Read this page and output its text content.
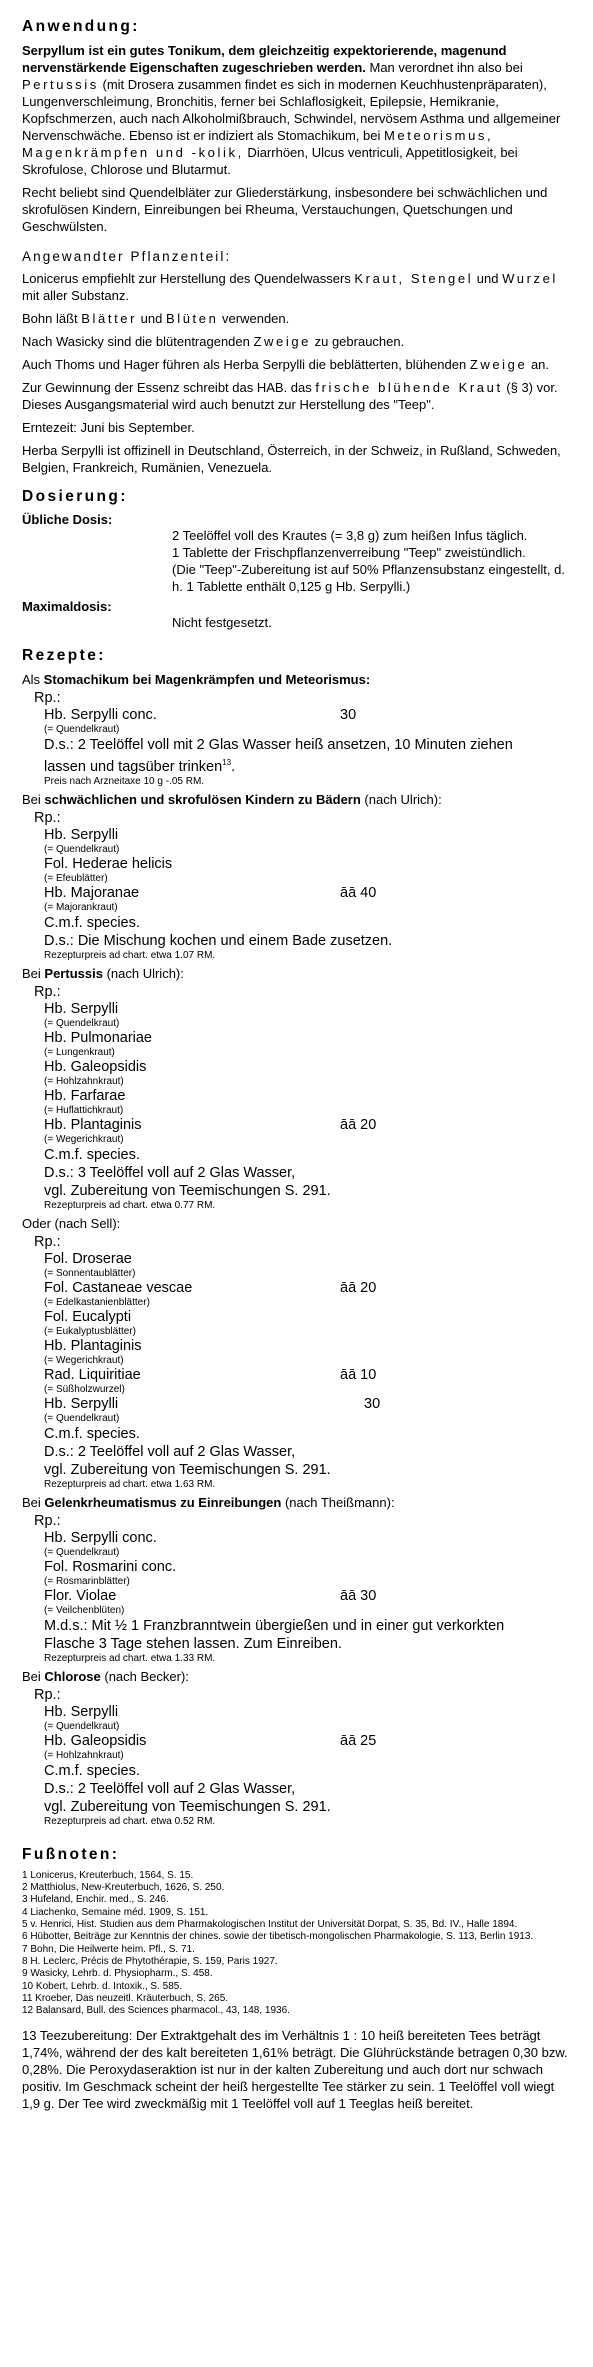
Anwendung:

Serpyllum ist ein gutes Tonikum, dem gleichzeitig expektorierende, magenund nervenstärkende Eigenschaften zugeschrieben werden. Man verordnet ihn also bei Pertussis (mit Drosera zusammen findet es sich in modernen Keuchhustenpräparaten), Lungenverschleimung, Bronchitis, ferner bei Schlaflosigkeit, Epilepsie, Hemikranie, Kopfschmerzen, auch nach Alkoholmißbrauch, Schwindel, nervösem Asthma und allgemeiner Nervenschwäche. Ebenso ist er indiziert als Stomachikum, bei Meteorismus, Magenkrämpfen und -kolik, Diarrhöen, Ulcus ventriculi, Appetitlosigkeit, bei Skrofulose, Chlorose und Blutarmut.

Recht beliebt sind Quendelbläter zur Gliederstärkung, insbesondere bei schwächlichen und skrofulösen Kindern, Einreibungen bei Rheuma, Verstauchungen, Quetschungen und Geschwülsten.

Angewandter Pflanzenteil:

Lonicerus empfiehlt zur Herstellung des Quendelwassers Kraut, Stengel und Wurzel mit aller Substanz.

Bohn läßt Blätter und Blüten verwenden.

Nach Wasicky sind die blütentragenden Zweige zu gebrauchen.

Auch Thoms und Hager führen als Herba Serpylli die beblätterten, blühenden Zweige an.

Zur Gewinnung der Essenz schreibt das HAB. das frische blühende Kraut (§ 3) vor. Dieses Ausgangsmaterial wird auch benutzt zur Herstellung des "Teep".

Erntezeit: Juni bis September.

Herba Serpylli ist offizinell in Deutschland, Österreich, in der Schweiz, in Rußland, Schweden, Belgien, Frankreich, Rumänien, Venezuela.

Dosierung:
Übliche Dosis:
2 Teelöffel voll des Krautes (= 3,8 g) zum heißen Infus täglich.
1 Tablette der Frischpflanzenverreibung "Teep" zweistündlich.
(Die "Teep"-Zubereitung ist auf 50% Pflanzensubstanz eingestellt, d. h. 1 Tablette enthält 0,125 g Hb. Serpylli.)
Maximaldosis:
Nicht festgesetzt.
Rezepte:
Als Stomachikum bei Magenkrämpfen und Meteorismus:
Rp.:
Hb. Serpylli conc.	30
(= Quendelkraut)
D.s.: 2 Teelöffel voll mit 2 Glas Wasser heiß ansetzen, 10 Minuten ziehen
lassen und tagsüber trinken$^{13}$.
Preis nach Arzneitaxe 10 g -.05 RM.
Bei schwächlichen und skrofulösen Kindern zu Bädern (nach Ulrich):
Rp.:
Hb. Serpylli
(= Quendelkraut)
Fol. Hederae helicis
(= Efeublätter)
Hb. Majoranae	āā 40
(= Majorankraut)
C.m.f. species.
D.s.: Die Mischung kochen und einem Bade zusetzen.
Rezepturpreis ad chart. etwa 1.07 RM.
Bei Pertussis (nach Ulrich):
Rp.:
Hb. Serpylli
(= Quendelkraut)
Hb. Pulmonariae
(= Lungenkraut)
Hb. Galeopsidis
(= Hohlzahnkraut)
Hb. Farfarae
(= Huflattichkraut)
Hb. Plantaginis	āā 20
(= Wegerichkraut)
C.m.f. species.
D.s.: 3 Teelöffel voll auf 2 Glas Wasser,
vgl. Zubereitung von Teemischungen S. 291.
Rezepturpreis ad chart. etwa 0.77 RM.
Oder (nach Sell):
Rp.:
Fol. Droserae
(= Sonnentaublätter)
Fol. Castaneae vescae	āā 20
(= Edelkastanienblätter)
Fol. Eucalypti
(= Eukalyptusblätter)
Hb. Plantaginis
(= Wegerichkraut)
Rad. Liquiritiae	āā 10
(= Süßholzwurzel)
Hb. Serpylli	30
(= Quendelkraut)
C.m.f. species.
D.s.: 2 Teelöffel voll auf 2 Glas Wasser,
vgl. Zubereitung von Teemischungen S. 291.
Rezepturpreis ad chart. etwa 1.63 RM.
Bei Gelenkrheumatismus zu Einreibungen (nach Theißmann):
Rp.:
Hb. Serpylli conc.
(= Quendelkraut)
Fol. Rosmarini conc.
(= Rosmarinblätter)
Flor. Violae	āā 30
(= Veilchenblüten)
M.d.s.: Mit ½ 1 Franzbranntwein übergießen und in einer gut verkorkten
Flasche 3 Tage stehen lassen. Zum Einreiben.
Rezepturpreis ad chart. etwa 1.33 RM.
Bei Chlorose (nach Becker):
Rp.:
Hb. Serpylli
(= Quendelkraut)
Hb. Galeopsidis	āā 25
(= Hohlzahnkraut)
C.m.f. species.
D.s.: 2 Teelöffel voll auf 2 Glas Wasser,
vgl. Zubereitung von Teemischungen S. 291.
Rezepturpreis ad chart. etwa 0.52 RM.
Fußnoten:

1 Lonicerus, Kreuterbuch, 1564, S. 15.

2 Matthiolus, New-Kreuterbuch, 1626, S. 250.

3 Hufeland, Enchir. med., S. 246.

4 Liachenko, Semaine méd. 1909, S. 151.

5 v. Henrici, Hist. Studien aus dem Pharmakologischen Institut der Universität Dorpat, S. 35, Bd. IV., Halle 1894.

6 Hübotter, Beiträge zur Kenntnis der chines. sowie der tibetisch-mongolischen Pharmakologie, S. 113, Berlin 1913.

7 Bohn, Die Heilwerte heim. Pfl., S. 71.

8 H. Leclerc, Précis de Phytothérapie, S. 159, Paris 1927.

9 Wasicky, Lehrb. d. Physiopharm., S. 458.

10 Kobert, Lehrb. d. Intoxik., S. 585.

11 Kroeber, Das neuzeitl. Kräuterbuch, S. 265.

12 Balansard, Bull. des Sciences pharmacol., 43, 148, 1936.

13 Teezubereitung: Der Extraktgehalt des im Verhältnis 1 : 10 heiß bereiteten Tees beträgt 1,74%, während der des kalt bereiteten 1,61% beträgt. Die Glührückstände betragen 0,30 bzw. 0,28%. Die Peroxydaseraktion ist nur in der kalten Zubereitung und auch dort nur schwach positiv. Im Geschmack scheint der heiß hergestellte Tee stärker zu sein. 1 Teelöffel voll wiegt 1,9 g. Der Tee wird zweckmäßig mit 1 Teelöffel voll auf 1 Teeglas heiß bereitet.
